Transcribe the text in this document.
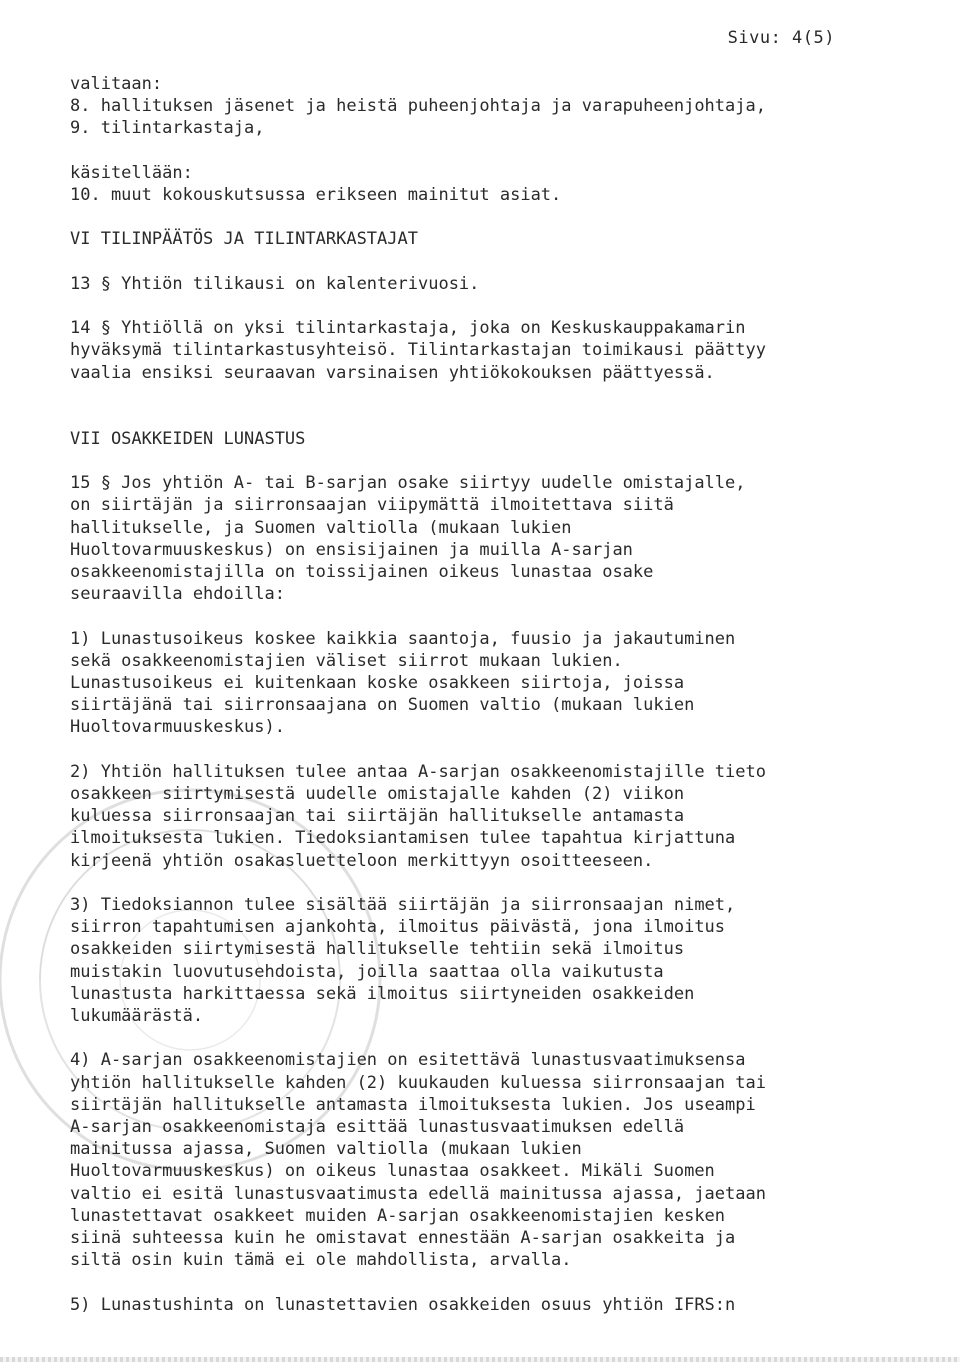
Sivu: 4(5)
valitaan:
8. hallituksen jäsenet ja heistä puheenjohtaja ja varapuheenjohtaja,
9. tilintarkastaja,
käsitellään:
10. muut kokouskutsussa erikseen mainitut asiat.
VI TILINPÄÄTÖS JA TILINTARKASTAJAT
13 § Yhtiön tilikausi on kalenterivuosi.
14 § Yhtiöllä on yksi tilintarkastaja, joka on Keskuskauppakamarin
hyväksymä tilintarkastusyhteisö. Tilintarkastajan toimikausi päättyy
vaalia ensiksi seuraavan varsinaisen yhtiökokouksen päättyessä.
VII OSAKKEIDEN LUNASTUS
15 § Jos yhtiön A- tai B-sarjan osake siirtyy uudelle omistajalle,
on siirtäjän ja siirronsaajan viipymättä ilmoitettava siitä
hallitukselle, ja Suomen valtiolla (mukaan lukien
Huoltovarmuuskeskus) on ensisijainen ja muilla A-sarjan
osakkeenomistajilla on toissijainen oikeus lunastaa osake
seuraavilla ehdoilla:
1) Lunastusoikeus koskee kaikkia saantoja, fuusio ja jakautuminen
sekä osakkeenomistajien väliset siirrot mukaan lukien.
Lunastusoikeus ei kuitenkaan koske osakkeen siirtoja, joissa
siirtäjänä tai siirronsaajana on Suomen valtio (mukaan lukien
Huoltovarmuuskeskus).
2) Yhtiön hallituksen tulee antaa A-sarjan osakkeenomistajille tieto
osakkeen siirtymisestä uudelle omistajalle kahden (2) viikon
kuluessa siirronsaajan tai siirtäjän hallitukselle antamasta
ilmoituksesta lukien. Tiedoksiantamisen tulee tapahtua kirjattuna
kirjeenä yhtiön osakasluetteloon merkittyyn osoitteeseen.
3) Tiedoksiannon tulee sisältää siirtäjän ja siirronsaajan nimet,
siirron tapahtumisen ajankohta, ilmoitus päivästä, jona ilmoitus
osakkeiden siirtymisestä hallitukselle tehtiin sekä ilmoitus
muistakin luovutusehdoista, joilla saattaa olla vaikutusta
lunastusta harkittaessa sekä ilmoitus siirtyneiden osakkeiden
lukumäärästä.
4) A-sarjan osakkeenomistajien on esitettävä lunastusvaatimuksensa
yhtiön hallitukselle kahden (2) kuukauden kuluessa siirronsaajan tai
siirtäjän hallitukselle antamasta ilmoituksesta lukien. Jos useampi
A-sarjan osakkeenomistaja esittää lunastusvaatimuksen edellä
mainitussa ajassa, Suomen valtiolla (mukaan lukien
Huoltovarmuuskeskus) on oikeus lunastaa osakkeet. Mikäli Suomen
valtio ei esitä lunastusvaatimusta edellä mainitussa ajassa, jaetaan
lunastettavat osakkeet muiden A-sarjan osakkeenomistajien kesken
siinä suhteessa kuin he omistavat ennestään A-sarjan osakkeita ja
siltä osin kuin tämä ei ole mahdollista, arvalla.
5) Lunastushinta on lunastettavien osakkeiden osuus yhtiön IFRS:n
